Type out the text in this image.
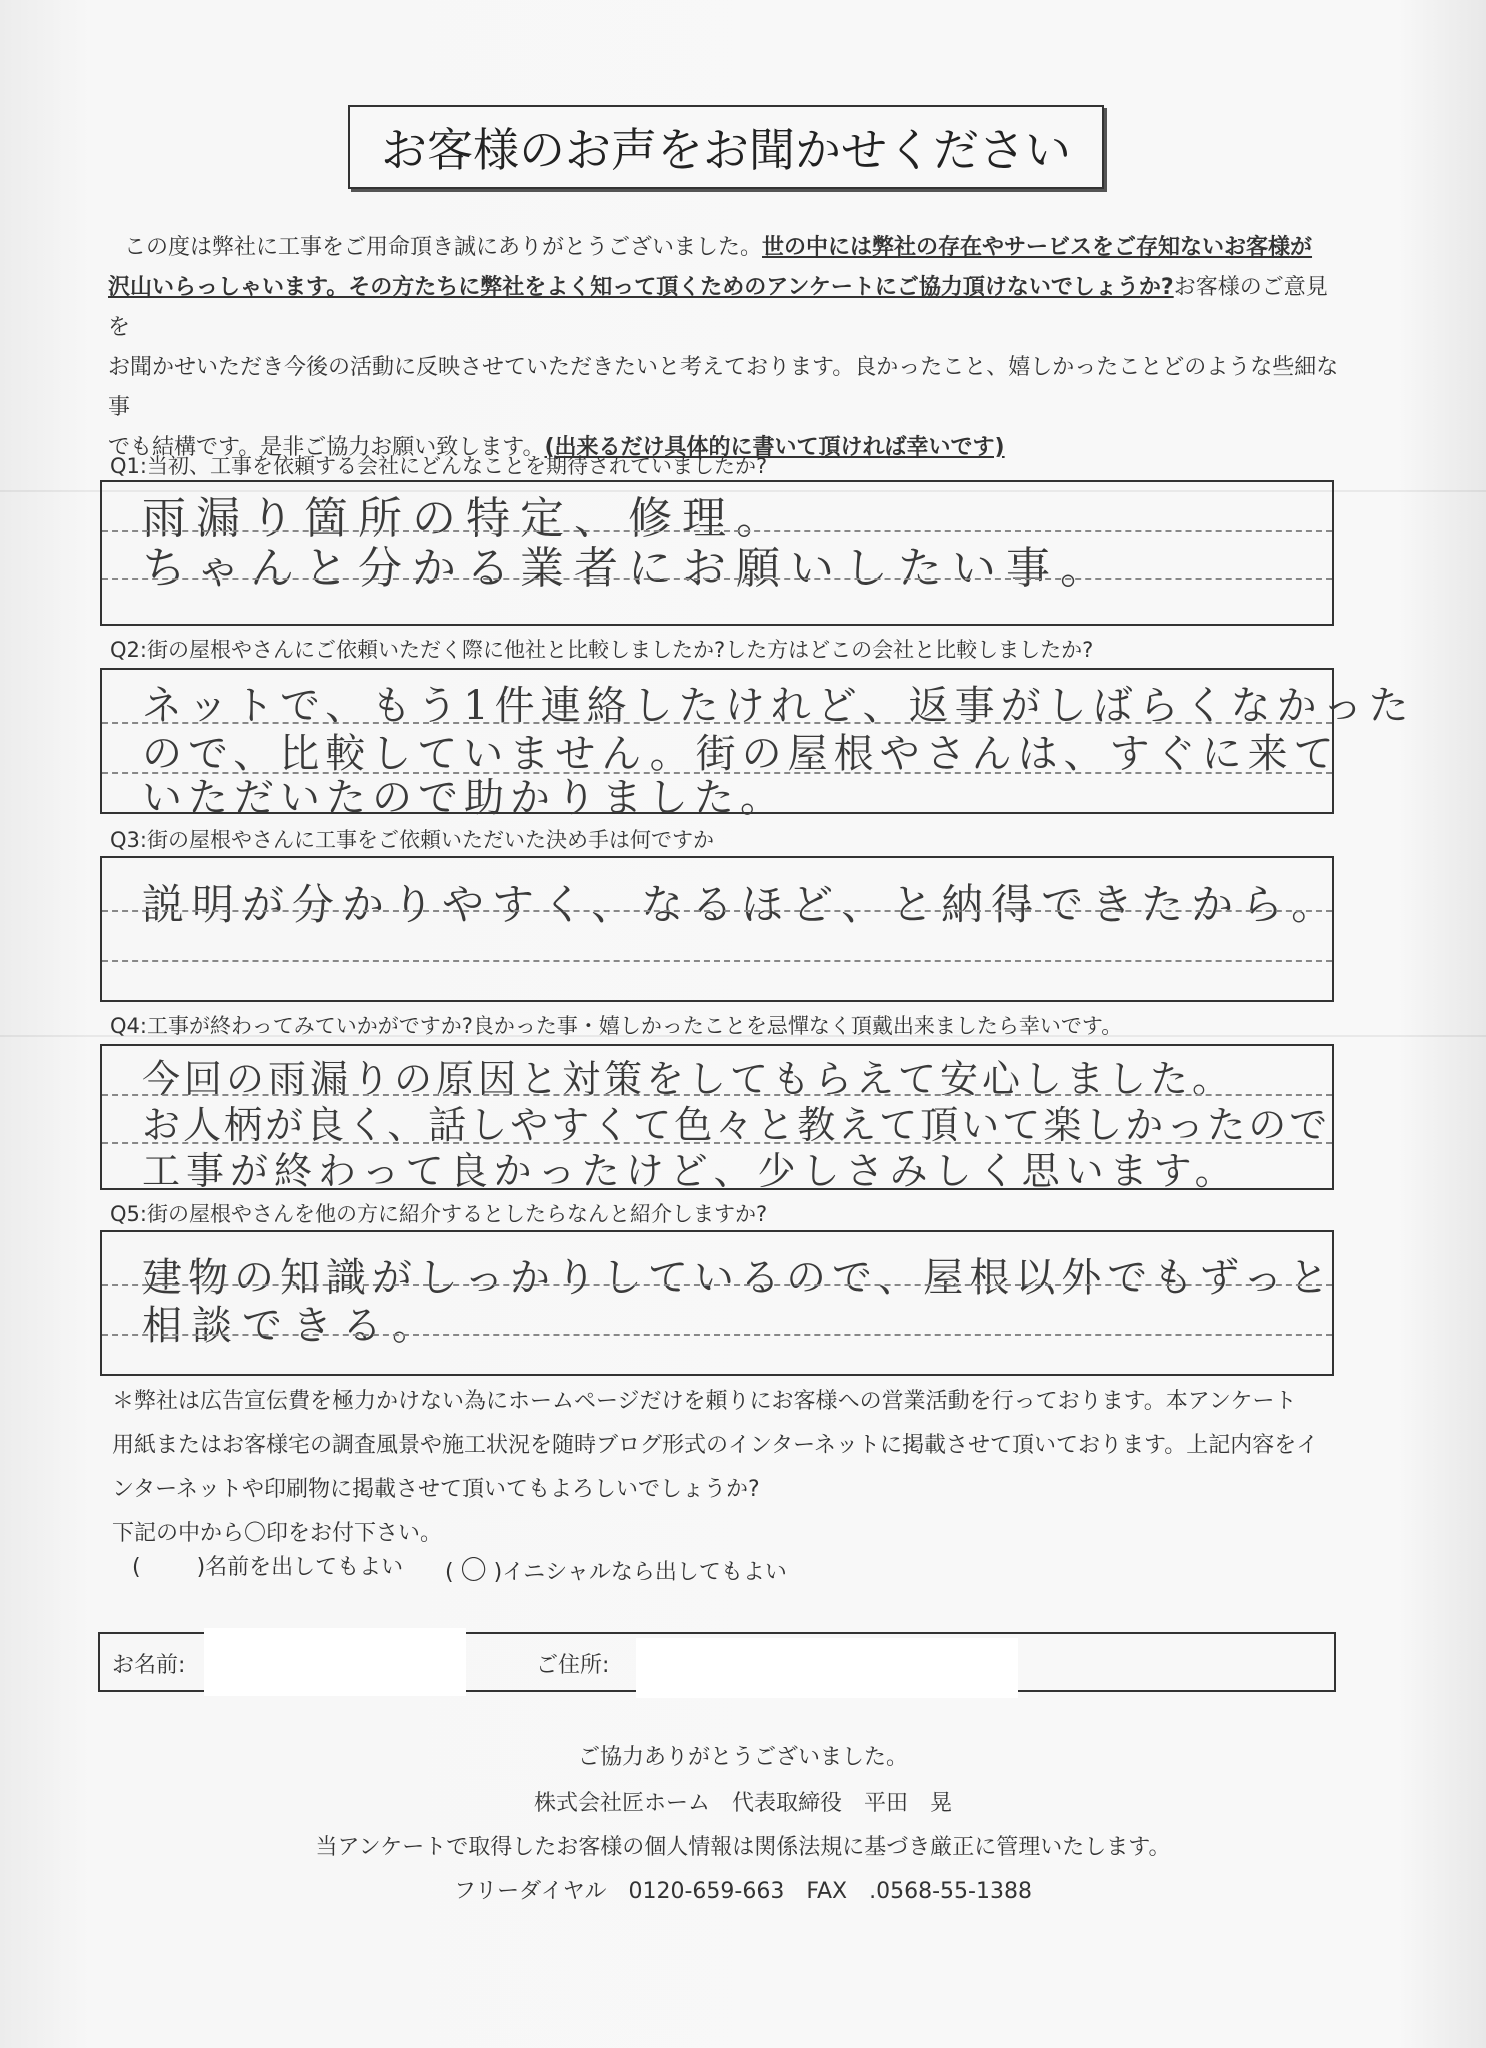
お客様のお声をお聞かせください
この度は弊社に工事をご用命頂き誠にありがとうございました。世の中には弊社の存在やサービスをご存知ないお客様が
沢山いらっしゃいます。その方たちに弊社をよく知って頂くためのアンケートにご協力頂けないでしょうか?お客様のご意見を
お聞かせいただき今後の活動に反映させていただきたいと考えております。良かったこと、嬉しかったことどのような些細な事
でも結構です。是非ご協力お願い致します。(出来るだけ具体的に書いて頂ければ幸いです)
Q1:当初、工事を依頼する会社にどんなことを期待されていましたか?
雨漏り箇所の特定、修理。
ちゃんと分かる業者にお願いしたい事。
Q2:街の屋根やさんにご依頼いただく際に他社と比較しましたか?した方はどこの会社と比較しましたか?
ネットで、もう1件連絡したけれど、返事がしばらくなかった
ので、比較していません。街の屋根やさんは、すぐに来て
いただいたので助かりました。
Q3:街の屋根やさんに工事をご依頼いただいた決め手は何ですか
説明が分かりやすく、なるほど、と納得できたから。
Q4:工事が終わってみていかがですか?良かった事・嬉しかったことを忌憚なく頂戴出来ましたら幸いです。
今回の雨漏りの原因と対策をしてもらえて安心しました。
お人柄が良く、話しやすくて色々と教えて頂いて楽しかったので
工事が終わって良かったけど、少しさみしく思います。
Q5:街の屋根やさんを他の方に紹介するとしたらなんと紹介しますか?
建物の知識がしっかりしているので、屋根以外でもずっと
相談できる。
＊弊社は広告宣伝費を極力かけない為にホームページだけを頼りにお客様への営業活動を行っております。本アンケート
用紙またはお客様宅の調査風景や施工状況を随時ブログ形式のインターネットに掲載させて頂いております。上記内容をイ
ンターネットや印刷物に掲載させて頂いてもよろしいでしょうか?
下記の中から〇印をお付下さい。
(	)名前を出してもよい ( 〇 )イニシャルなら出してもよい
お名前:	ご住所:
ご協力ありがとうございました。
株式会社匠ホーム　代表取締役　平田　晃
当アンケートで取得したお客様の個人情報は関係法規に基づき厳正に管理いたします。
フリーダイヤル　0120-659-663　FAX　.0568-55-1388
